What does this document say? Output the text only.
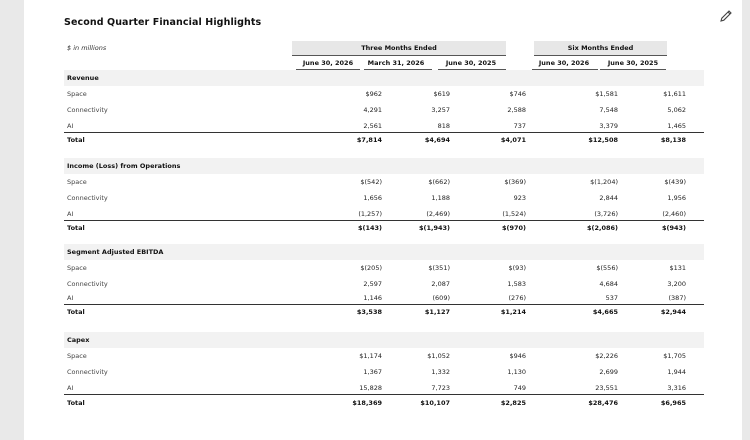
Second Quarter Financial Highlights
$ in millions	Three Months Ended	Six Months Ended
June 30, 2026	March 31, 2026	June 30, 2025	June 30, 2026	June 30, 2025
Revenue
Space	$962	$619	$746	$1,581	$1,611
Connectivity	4,291	3,257	2,588	7,548	5,062
AI	2,561	818	737	3,379	1,465
Total	$7,814	$4,694	$4,071	$12,508	$8,138
Income (Loss) from Operations
Space	$(542)	$(662)	$(369)	$(1,204)	$(439)
Connectivity	1,656	1,188	923	2,844	1,956
AI	(1,257)	(2,469)	(1,524)	(3,726)	(2,460)
Total	$(143)	$(1,943)	$(970)	$(2,086)	$(943)
Segment Adjusted EBITDA
Space	$(205)	$(351)	$(93)	$(556)	$131
Connectivity	2,597	2,087	1,583	4,684	3,200
AI	1,146	(609)	(276)	537	(387)
Total	$3,538	$1,127	$1,214	$4,665	$2,944
Capex
Space	$1,174	$1,052	$946	$2,226	$1,705
Connectivity	1,367	1,332	1,130	2,699	1,944
AI	15,828	7,723	749	23,551	3,316
Total	$18,369	$10,107	$2,825	$28,476	$6,965
